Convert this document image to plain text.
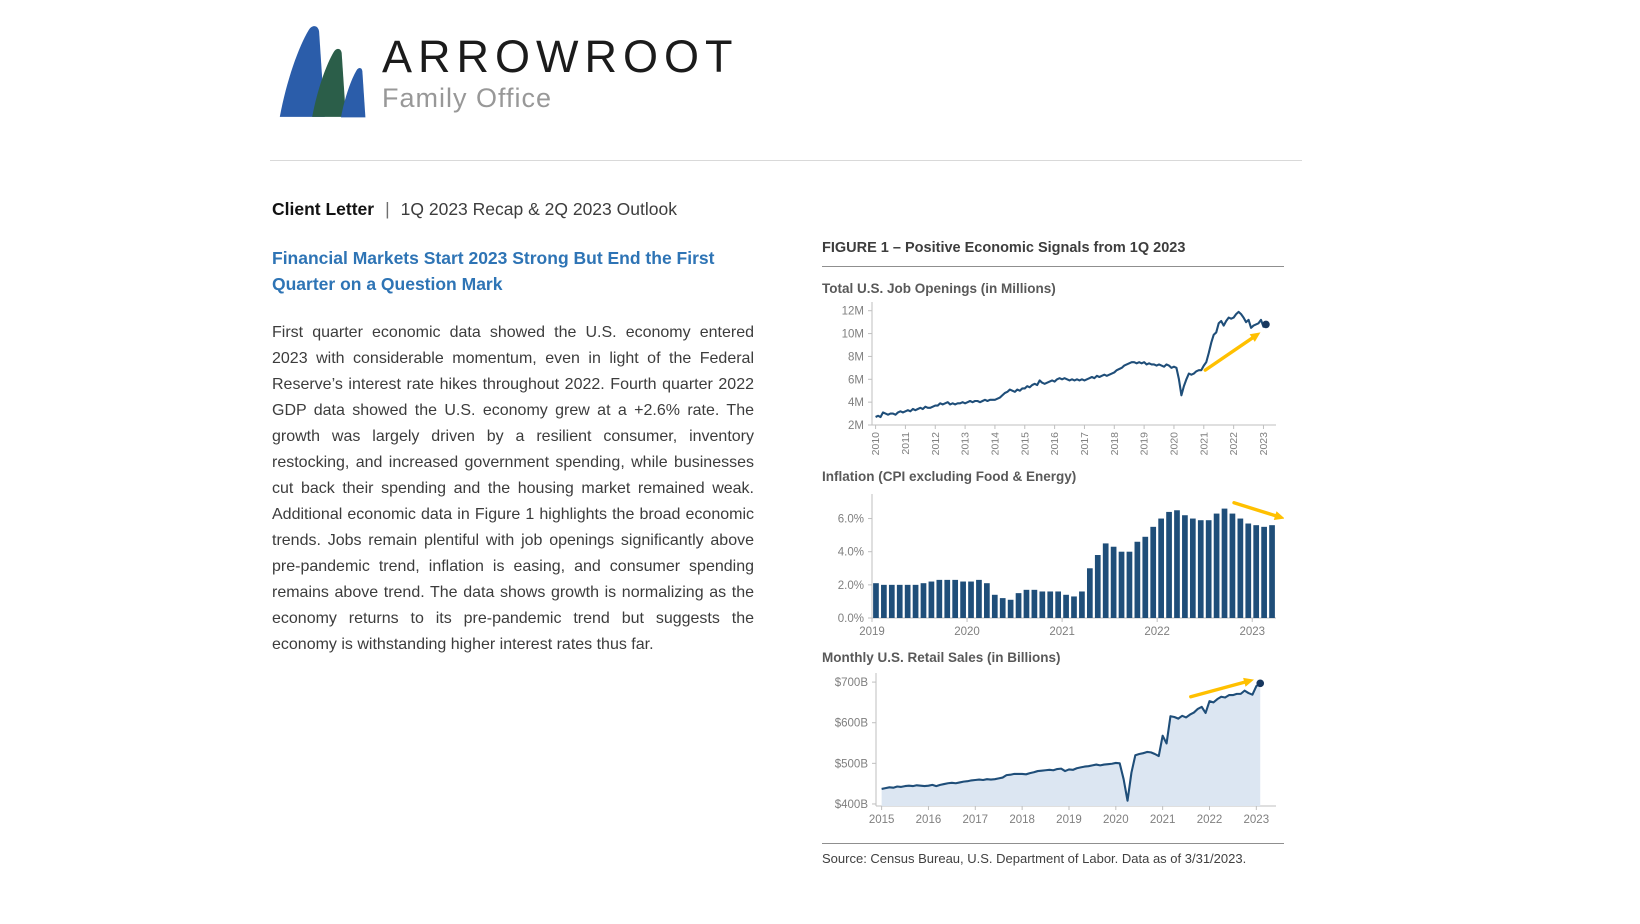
ARROWROOT
Family Office
Client Letter | 1Q 2023 Recap & 2Q 2023 Outlook
Financial Markets Start 2023 Strong But End the First Quarter on a Question Mark

First quarter economic data showed the U.S. economy entered 2023 with considerable momentum, even in light of the Federal Reserve’s interest rate hikes throughout 2022. Fourth quarter 2022 GDP data showed the U.S. economy grew at a +2.6% rate. The growth was largely driven by a resilient consumer, inventory restocking, and increased government spending, while businesses cut back their spending and the housing market remained weak. Additional economic data in Figure 1 highlights the broad economic trends. Jobs remain plentiful with job openings significantly above pre-pandemic trend, inflation is easing, and consumer spending remains above trend. The data shows growth is normalizing as the economy returns to its pre-pandemic trend but suggests the economy is withstanding higher interest rates thus far.

FIGURE 1 – Positive Economic Signals from 1Q 2023
Total U.S. Job Openings (in Millions)
2M
4M
6M
8M
10M
12M
2010 2011 2012 2013 2014 2015 2016 2017 2018 2019 2020 2021 2022 2023
Inflation (CPI excluding Food & Energy)
0.0%
2.0%
4.0%
6.0%
2019	2020	2021	2022	2023
Monthly U.S. Retail Sales (in Billions)
$400B
$500B
$600B
$700B
2015 2016 2017 2018 2019 2020 2021 2022 2023
Source: Census Bureau, U.S. Department of Labor. Data as of 3/31/2023.
